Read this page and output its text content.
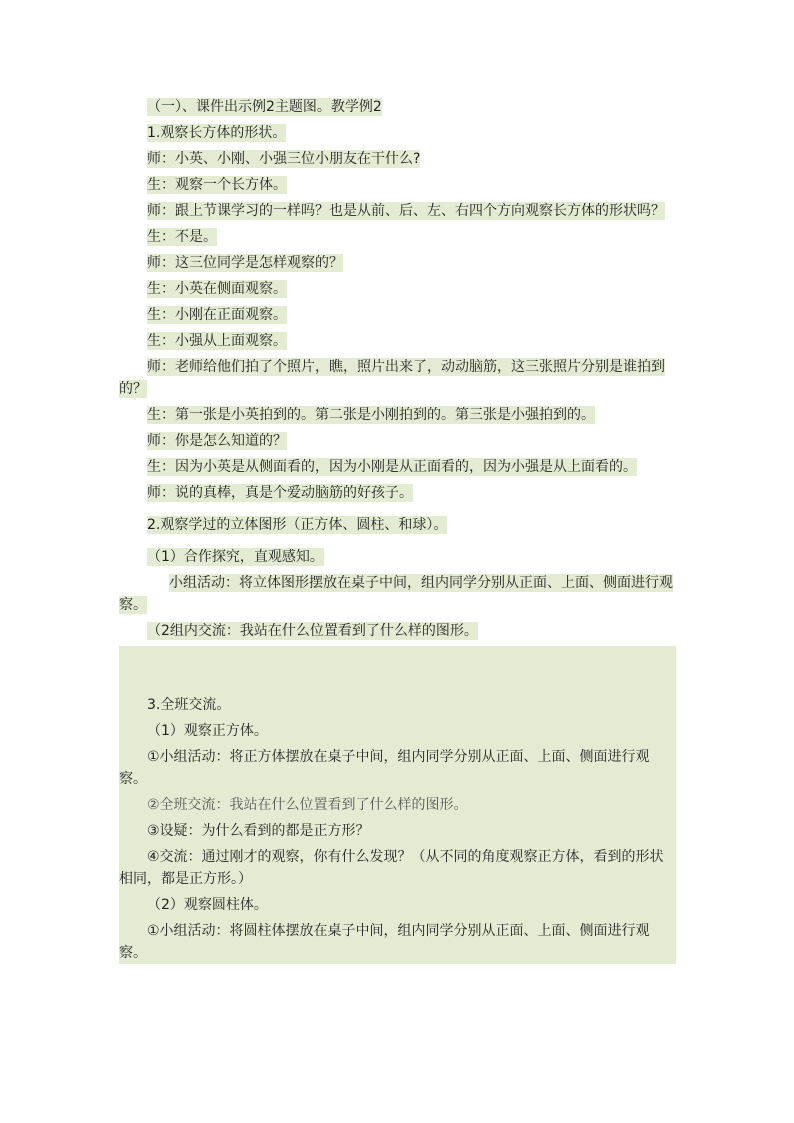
（一）、课件出示例2主题图。教学例2

1.观察长方体的形状。

师：小英、小刚、小强三位小朋友在干什么?

生：观察一个长方体。

师：跟上节课学习的一样吗？也是从前、后、左、右四个方向观察长方体的形状吗？

生：不是。

师：这三位同学是怎样观察的？

生：小英在侧面观察。

生：小刚在正面观察。

生：小强从上面观察。

师：老师给他们拍了个照片，瞧，照片出来了，动动脑筋，这三张照片分别是谁拍到的？

生：第一张是小英拍到的。第二张是小刚拍到的。第三张是小强拍到的。

师：你是怎么知道的？

生：因为小英是从侧面看的，因为小刚是从正面看的，因为小强是从上面看的。

师：说的真棒，真是个爱动脑筋的好孩子。

2.观察学过的立体图形（正方体、圆柱、和球）。

（1）合作探究，直观感知。

小组活动：将立体图形摆放在桌子中间，组内同学分别从正面、上面、侧面进行观察。

（2组内交流：我站在什么位置看到了什么样的图形。

3.全班交流。

（1）观察正方体。

①小组活动：将正方体摆放在桌子中间，组内同学分别从正面、上面、侧面进行观察。

②全班交流：我站在什么位置看到了什么样的图形。

③设疑：为什么看到的都是正方形？

④交流：通过刚才的观察，你有什么发现？（从不同的角度观察正方体，看到的形状相同，都是正方形。）

（2）观察圆柱体。

①小组活动：将圆柱体摆放在桌子中间，组内同学分别从正面、上面、侧面进行观察。
